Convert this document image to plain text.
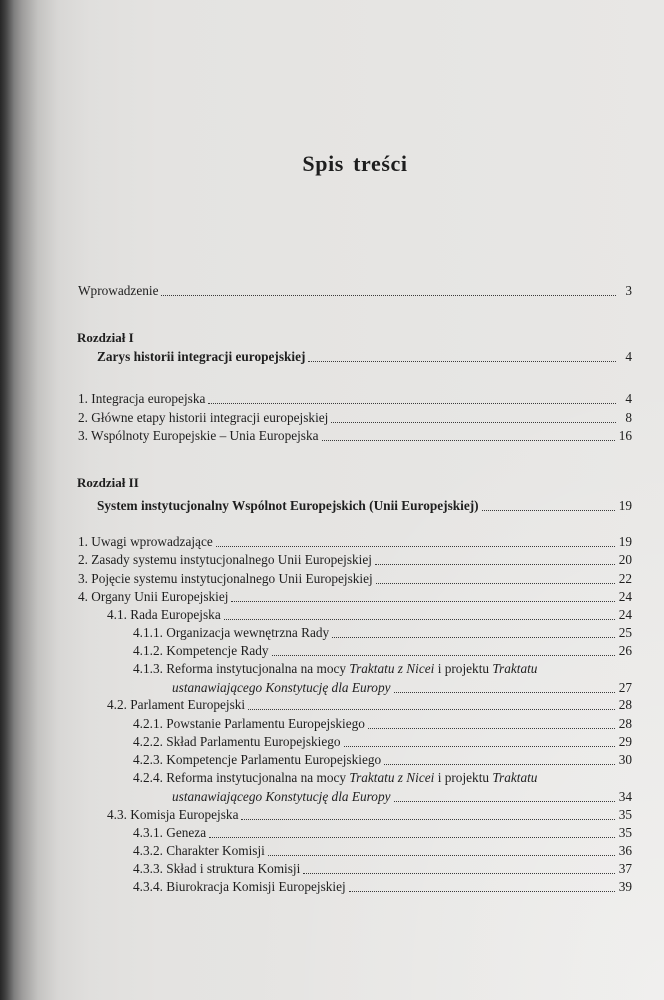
Spis treści
Wprowadzenie	3
Rozdział I
Zarys historii integracji europejskiej	4
1. Integracja europejska	4
2. Główne etapy historii integracji europejskiej	8
3. Wspólnoty Europejskie – Unia Europejska	16
Rozdział II
System instytucjonalny Wspólnot Europejskich (Unii Europejskiej)	19
1. Uwagi wprowadzające	19
2. Zasady systemu instytucjonalnego Unii Europejskiej	20
3. Pojęcie systemu instytucjonalnego Unii Europejskiej	22
4. Organy Unii Europejskiej	24
4.1. Rada Europejska	24
4.1.1. Organizacja wewnętrzna Rady	25
4.1.2. Kompetencje Rady	26
4.1.3. Reforma instytucjonalna na mocy Traktatu z Nicei i projektu Traktatu
ustanawiającego Konstytucję dla Europy	27
4.2. Parlament Europejski	28
4.2.1. Powstanie Parlamentu Europejskiego	28
4.2.2. Skład Parlamentu Europejskiego	29
4.2.3. Kompetencje Parlamentu Europejskiego	30
4.2.4. Reforma instytucjonalna na mocy Traktatu z Nicei i projektu Traktatu
ustanawiającego Konstytucję dla Europy	34
4.3. Komisja Europejska	35
4.3.1. Geneza	35
4.3.2. Charakter Komisji	36
4.3.3. Skład i struktura Komisji	37
4.3.4. Biurokracja Komisji Europejskiej	39
